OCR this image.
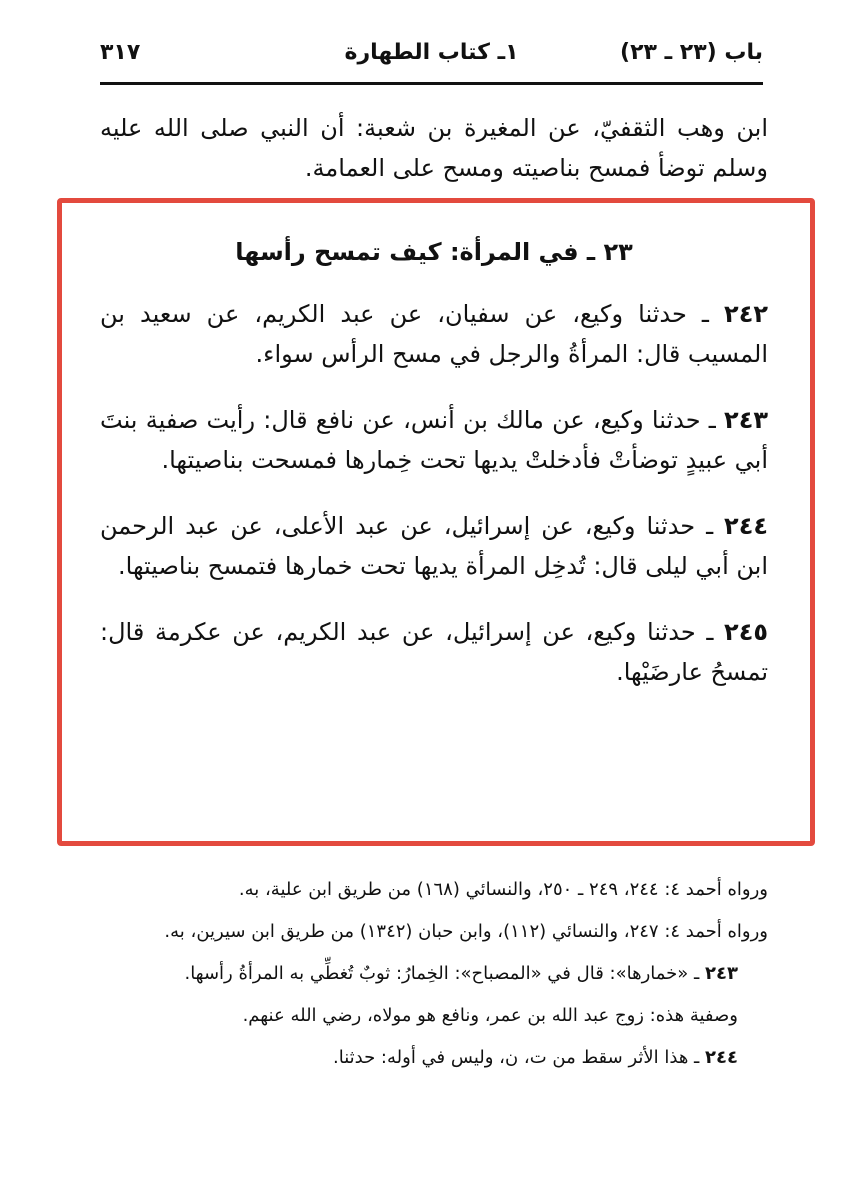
باب (٢٣ ـ ٢٣)
١ـ كتاب الطهارة
٣١٧

ابن وهب الثقفيّ، عن المغيرة بن شعبة: أن النبي صلى الله عليه وسلم توضأ فمسح بناصيته ومسح على العمامة.

٢٣ ـ في المرأة: كيف تمسح رأسها

٢٤٢ ـ حدثنا وكيع، عن سفيان، عن عبد الكريم، عن سعيد بن المسيب قال: المرأةُ والرجل في مسح الرأس سواء.

٢٤٣ ـ حدثنا وكيع، عن مالك بن أنس، عن نافع قال: رأيت صفية بنتَ أبي عبيدٍ توضأتْ فأدخلتْ يديها تحت خِمارها فمسحت بناصيتها.

٢٤٤ ـ حدثنا وكيع، عن إسرائيل، عن عبد الأعلى، عن عبد الرحمن ابن أبي ليلى قال: تُدخِل المرأة يديها تحت خمارها فتمسح بناصيتها.

٢٤٥ ـ حدثنا وكيع، عن إسرائيل، عن عبد الكريم، عن عكرمة قال: تمسحُ عارضَيْها.

ورواه أحمد ٤: ٢٤٤، ٢٤٩ ـ ٢٥٠، والنسائي (١٦٨) من طريق ابن علية، به.

ورواه أحمد ٤: ٢٤٧، والنسائي (١١٢)، وابن حبان (١٣٤٢) من طريق ابن سيرين، به.

٢٤٣ ـ «خمارها»: قال في «المصباح»: الخِمارُ: ثوبٌ تُغطِّي به المرأةُ رأسها.

وصفية هذه: زوج عبد الله بن عمر، ونافع هو مولاه، رضي الله عنهم.

٢٤٤ ـ هذا الأثر سقط من ت، ن، وليس في أوله: حدثنا.
